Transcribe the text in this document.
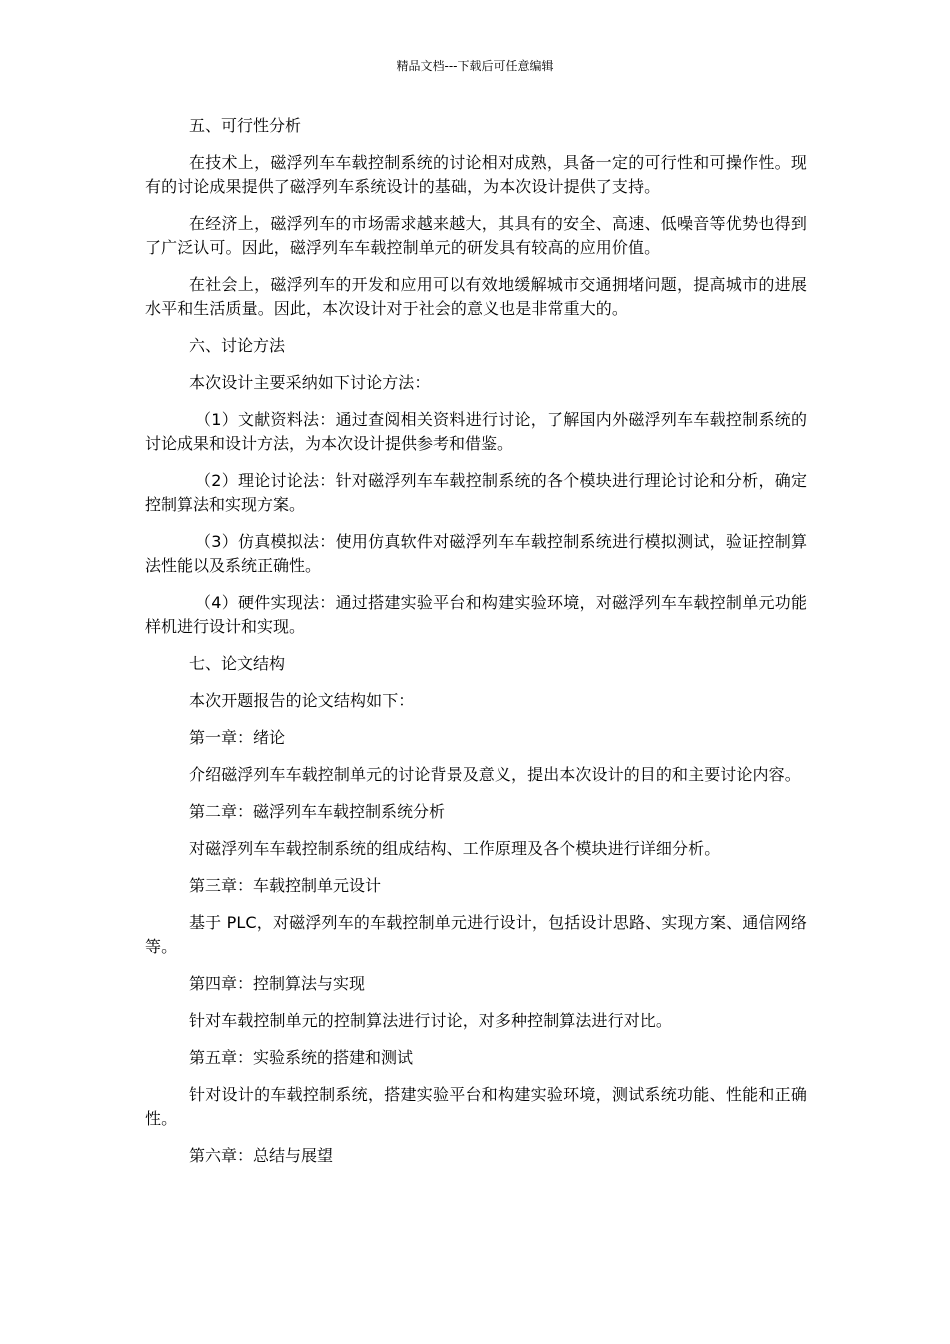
精品文档---下载后可任意编辑
五、可行性分析
在技术上，磁浮列车车载控制系统的讨论相对成熟，具备一定的可行性和可操作性。现有的讨论成果提供了磁浮列车系统设计的基础，为本次设计提供了支持。
在经济上，磁浮列车的市场需求越来越大，其具有的安全、高速、低噪音等优势也得到了广泛认可。因此，磁浮列车车载控制单元的研发具有较高的应用价值。
在社会上，磁浮列车的开发和应用可以有效地缓解城市交通拥堵问题，提高城市的进展水平和生活质量。因此，本次设计对于社会的意义也是非常重大的。
六、讨论方法
本次设计主要采纳如下讨论方法：
（1）文献资料法：通过查阅相关资料进行讨论，了解国内外磁浮列车车载控制系统的讨论成果和设计方法，为本次设计提供参考和借鉴。
（2）理论讨论法：针对磁浮列车车载控制系统的各个模块进行理论讨论和分析，确定控制算法和实现方案。
（3）仿真模拟法：使用仿真软件对磁浮列车车载控制系统进行模拟测试，验证控制算法性能以及系统正确性。
（4）硬件实现法：通过搭建实验平台和构建实验环境，对磁浮列车车载控制单元功能样机进行设计和实现。
七、论文结构
本次开题报告的论文结构如下：
第一章：绪论
介绍磁浮列车车载控制单元的讨论背景及意义，提出本次设计的目的和主要讨论内容。
第二章：磁浮列车车载控制系统分析
对磁浮列车车载控制系统的组成结构、工作原理及各个模块进行详细分析。
第三章：车载控制单元设计
基于 PLC，对磁浮列车的车载控制单元进行设计，包括设计思路、实现方案、通信网络等。
第四章：控制算法与实现
针对车载控制单元的控制算法进行讨论，对多种控制算法进行对比。
第五章：实验系统的搭建和测试
针对设计的车载控制系统，搭建实验平台和构建实验环境，测试系统功能、性能和正确性。
第六章：总结与展望
